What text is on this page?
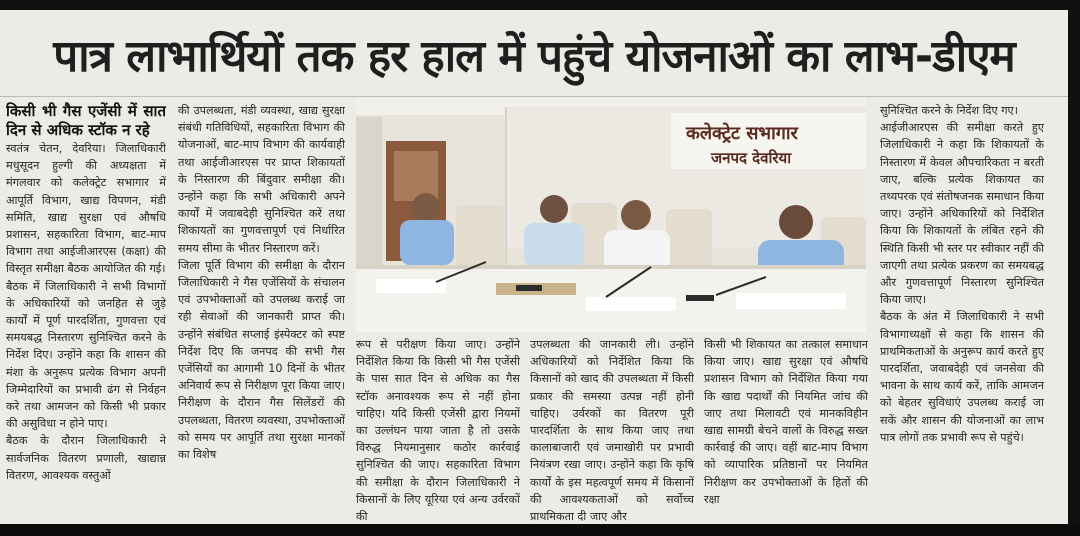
पात्र लाभार्थियों तक हर हाल में पहुंचे योजनाओं का लाभ-डीएम

किसी भी गैस एजेंसी में सात दिन से अधिक स्टॉक न रहे

स्वतंत्र चेतन, देवरिया। जिलाधिकारी मधुसूदन हुल्गी की अध्यक्षता में मंगलवार को कलेक्ट्रेट सभागार में आपूर्ति विभाग, खाद्य विपणन, मंडी समिति, खाद्य सुरक्षा एवं औषधि प्रशासन, सहकारिता विभाग, बाट-माप विभाग तथा आईजीआरएस (कक्षा) की विस्तृत समीक्षा बैठक आयोजित की गई।

बैठक में जिलाधिकारी ने सभी विभागों के अधिकारियों को जनहित से जुड़े कार्यों में पूर्ण पारदर्शिता, गुणवत्ता एवं समयबद्ध निस्तारण सुनिश्चित करने के निर्देश दिए। उन्होंने कहा कि शासन की मंशा के अनुरूप प्रत्येक विभाग अपनी जिम्मेदारियों का प्रभावी ढंग से निर्वहन करे तथा आमजन को किसी भी प्रकार की असुविधा न होने पाए।

बैठक के दौरान जिलाधिकारी ने सार्वजनिक वितरण प्रणाली, खाद्यान्न वितरण, आवश्यक वस्तुओं

की उपलब्धता, मंडी व्यवस्था, खाद्य सुरक्षा संबंधी गतिविधियों, सहकारिता विभाग की योजनाओं, बाट-माप विभाग की कार्यवाही तथा आईजीआरएस पर प्राप्त शिकायतों के निस्तारण की बिंदुवार समीक्षा की। उन्होंने कहा कि सभी अधिकारी अपने कार्यों में जवाबदेही सुनिश्चित करें तथा शिकायतों का गुणवत्तापूर्ण एवं निर्धारित समय सीमा के भीतर निस्तारण करें।

जिला पूर्ति विभाग की समीक्षा के दौरान जिलाधिकारी ने गैस एजेंसियों के संचालन एवं उपभोक्ताओं को उपलब्ध कराई जा रही सेवाओं की जानकारी प्राप्त की। उन्होंने संबंधित सप्लाई इंस्पेक्टर को स्पष्ट निर्देश दिए कि जनपद की सभी गैस एजेंसियों का आगामी 10 दिनों के भीतर अनिवार्य रूप से निरीक्षण पूरा किया जाए। निरीक्षण के दौरान गैस सिलेंडरों की उपलब्धता, वितरण व्यवस्था, उपभोक्ताओं को समय पर आपूर्ति तथा सुरक्षा मानकों का विशेष

कलेक्ट्रेट सभागार
जनपद देवरिया

रूप से परीक्षण किया जाए। उन्होंने निर्देशित किया कि किसी भी गैस एजेंसी के पास सात दिन से अधिक का गैस स्टॉक अनावश्यक रूप से नहीं होना चाहिए। यदि किसी एजेंसी द्वारा नियमों का उल्लंघन पाया जाता है तो उसके विरुद्ध नियमानुसार कठोर कार्रवाई सुनिश्चित की जाए। सहकारिता विभाग की समीक्षा के दौरान जिलाधिकारी ने किसानों के लिए यूरिया एवं अन्य उर्वरकों की

उपलब्धता की जानकारी ली। उन्होंने अधिकारियों को निर्देशित किया कि किसानों को खाद की उपलब्धता में किसी प्रकार की समस्या उत्पन्न नहीं होनी चाहिए। उर्वरकों का वितरण पूरी पारदर्शिता के साथ किया जाए तथा कालाबाजारी एवं जमाखोरी पर प्रभावी नियंत्रण रखा जाए। उन्होंने कहा कि कृषि कार्यों के इस महत्वपूर्ण समय में किसानों की आवश्यकताओं को सर्वोच्च प्राथमिकता दी जाए और

किसी भी शिकायत का तत्काल समाधान किया जाए। खाद्य सुरक्षा एवं औषधि प्रशासन विभाग को निर्देशित किया गया कि खाद्य पदार्थों की नियमित जांच की जाए तथा मिलावटी एवं मानकविहीन खाद्य सामग्री बेचने वालों के विरुद्ध सख्त कार्रवाई की जाए। वहीं बाट-माप विभाग को व्यापारिक प्रतिष्ठानों पर नियमित निरीक्षण कर उपभोक्ताओं के हितों की रक्षा

सुनिश्चित करने के निर्देश दिए गए।

आईजीआरएस की समीक्षा करते हुए जिलाधिकारी ने कहा कि शिकायतों के निस्तारण में केवल औपचारिकता न बरती जाए, बल्कि प्रत्येक शिकायत का तथ्यपरक एवं संतोषजनक समाधान किया जाए। उन्होंने अधिकारियों को निर्देशित किया कि शिकायतों के लंबित रहने की स्थिति किसी भी स्तर पर स्वीकार नहीं की जाएगी तथा प्रत्येक प्रकरण का समयबद्ध और गुणवत्तापूर्ण निस्तारण सुनिश्चित किया जाए।

बैठक के अंत में जिलाधिकारी ने सभी विभागाध्यक्षों से कहा कि शासन की प्राथमिकताओं के अनुरूप कार्य करते हुए पारदर्शिता, जवाबदेही एवं जनसेवा की भावना के साथ कार्य करें, ताकि आमजन को बेहतर सुविधाएं उपलब्ध कराई जा सकें और शासन की योजनाओं का लाभ पात्र लोगों तक प्रभावी रूप से पहुंचे।
